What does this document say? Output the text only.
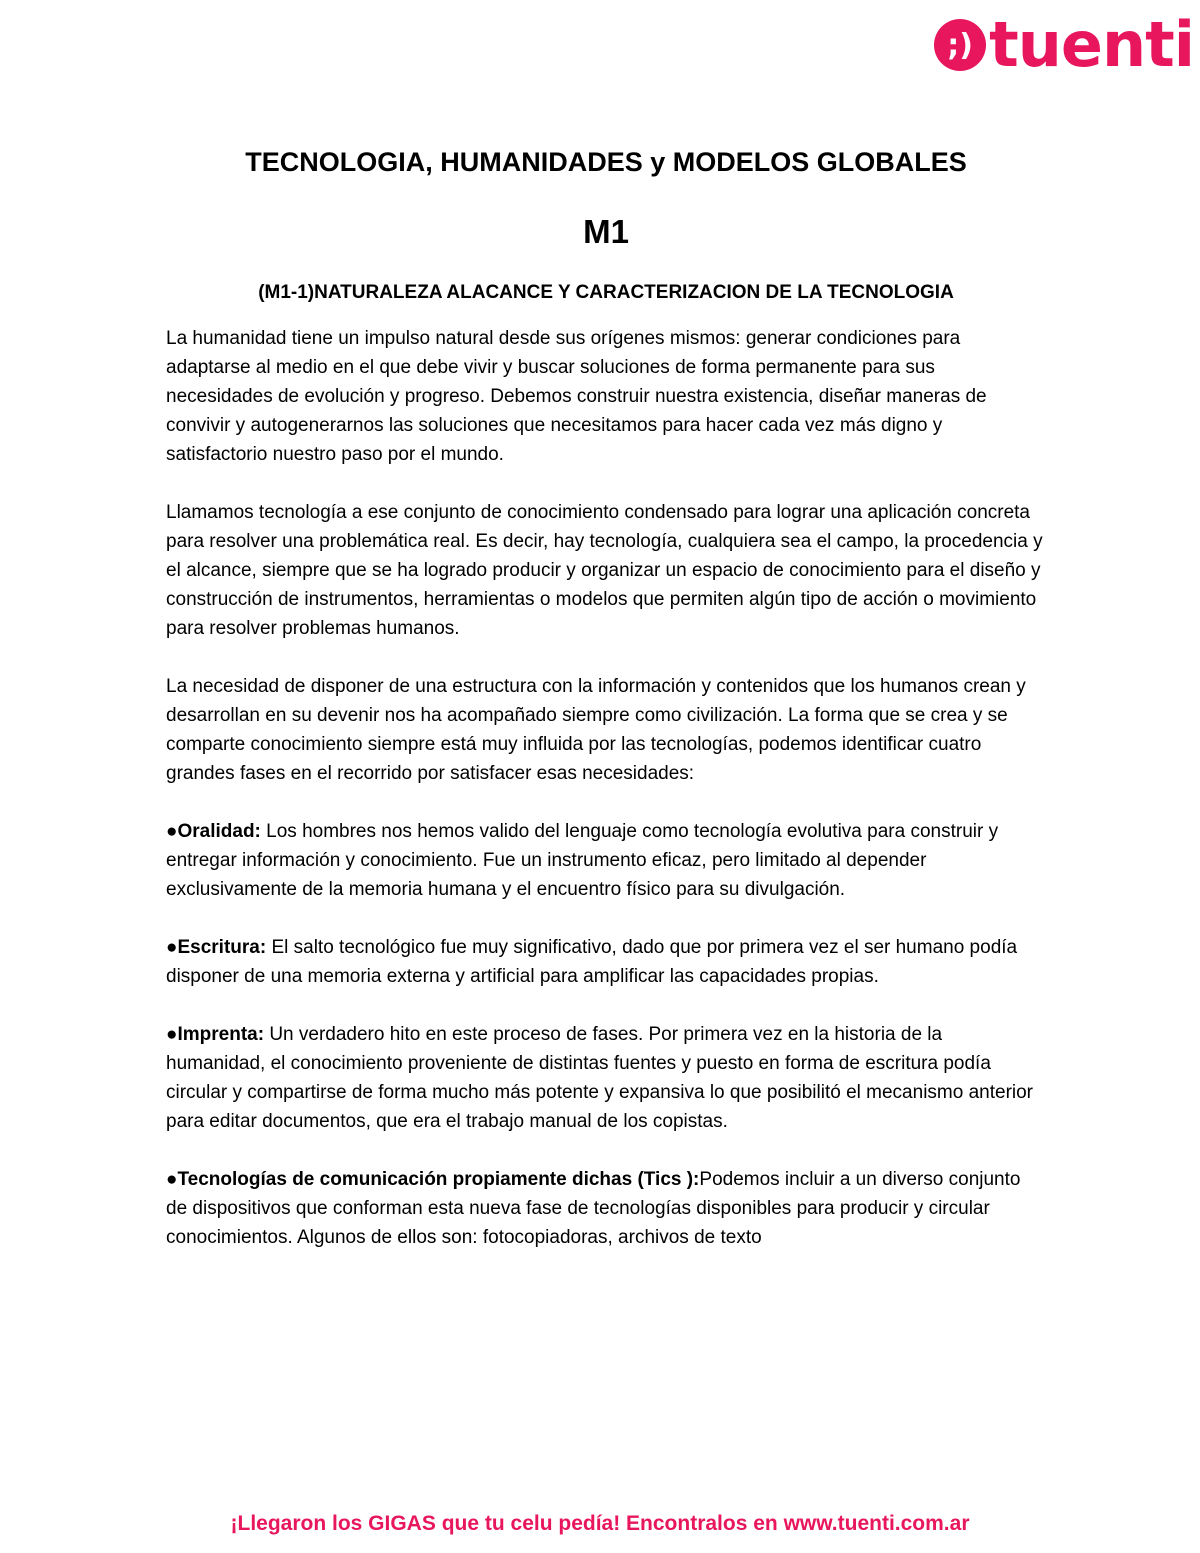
;) tuenti
TECNOLOGIA, HUMANIDADES y MODELOS GLOBALES
M1
(M1-1)NATURALEZA ALACANCE Y CARACTERIZACION DE LA TECNOLOGIA

La humanidad tiene un impulso natural desde sus orígenes mismos: generar condiciones para adaptarse al medio en el que debe vivir y buscar soluciones de forma permanente para sus necesidades de evolución y progreso. Debemos construir nuestra existencia, diseñar maneras de convivir y autogenerarnos las soluciones que necesitamos para hacer cada vez más digno y satisfactorio nuestro paso por el mundo.

Llamamos tecnología a ese conjunto de conocimiento condensado para lograr una aplicación concreta para resolver una problemática real. Es decir, hay tecnología, cualquiera sea el campo, la procedencia y el alcance, siempre que se ha logrado producir y organizar un espacio de conocimiento para el diseño y construcción de instrumentos, herramientas o modelos que permiten algún tipo de acción o movimiento para resolver problemas humanos.

La necesidad de disponer de una estructura con la información y contenidos que los humanos crean y desarrollan en su devenir nos ha acompañado siempre como civilización. La forma que se crea y se comparte conocimiento siempre está muy influida por las tecnologías, podemos identificar cuatro grandes fases en el recorrido por satisfacer esas necesidades:

●Oralidad: Los hombres nos hemos valido del lenguaje como tecnología evolutiva para construir y entregar información y conocimiento. Fue un instrumento eficaz, pero limitado al depender exclusivamente de la memoria humana y el encuentro físico para su divulgación.

●Escritura: El salto tecnológico fue muy significativo, dado que por primera vez el ser humano podía disponer de una memoria externa y artificial para amplificar las capacidades propias.

●Imprenta: Un verdadero hito en este proceso de fases. Por primera vez en la historia de la humanidad, el conocimiento proveniente de distintas fuentes y puesto en forma de escritura podía circular y compartirse de forma mucho más potente y expansiva lo que posibilitó el mecanismo anterior para editar documentos, que era el trabajo manual de los copistas.

●Tecnologías de comunicación propiamente dichas (Tics ):Podemos incluir a un diverso conjunto de dispositivos que conforman esta nueva fase de tecnologías disponibles para producir y circular conocimientos. Algunos de ellos son: fotocopiadoras, archivos de texto

¡Llegaron los GIGAS que tu celu pedía! Encontralos en www.tuenti.com.ar
